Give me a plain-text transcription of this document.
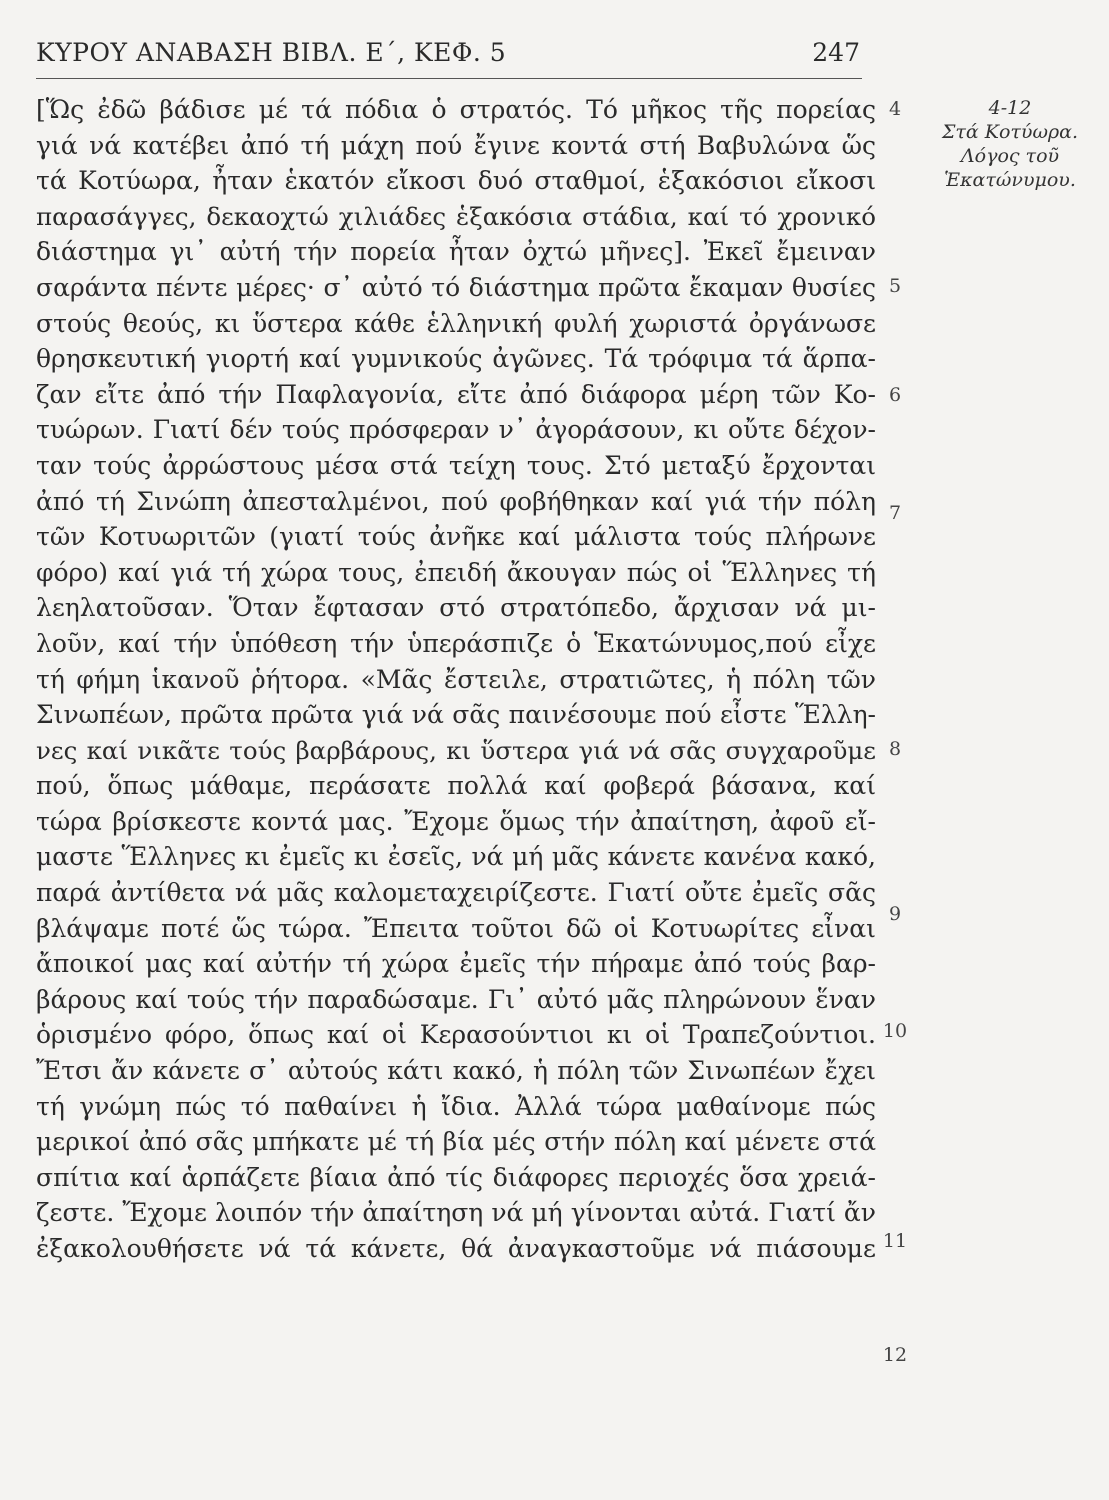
ΚΥΡΟΥ ΑΝΑΒΑΣΗ ΒΙΒΛ. Ε΄, ΚΕΦ. 5	247
[Ὥς ἐδῶ βάδισε μέ τά πόδια ὁ στρατός. Τό μῆκος τῆς πορείας
γιά νά κατέβει ἀπό τή μάχη πού ἔγινε κοντά στή Βαβυλώνα ὥς
τά Κοτύωρα, ἦταν ἑκατόν εἴκοσι δυό σταθμοί, ἑξακόσιοι εἴκοσι
παρασάγγες, δεκαοχτώ χιλιάδες ἑξακόσια στάδια, καί τό χρονικό
διάστημα γι᾽ αὐτή τήν πορεία ἦταν ὀχτώ μῆνες]. Ἐκεῖ ἔμειναν
σαράντα πέντε μέρες· σ᾽ αὐτό τό διάστημα πρῶτα ἔκαμαν θυσίες
στούς θεούς, κι ὕστερα κάθε ἑλληνική φυλή χωριστά ὀργάνωσε
θρησκευτική γιορτή καί γυμνικούς ἀγῶνες. Τά τρόφιμα τά ἅρπα-
ζαν εἴτε ἀπό τήν Παφλαγονία, εἴτε ἀπό διάφορα μέρη τῶν Κο-
τυώρων. Γιατί δέν τούς πρόσφεραν ν᾽ ἀγοράσουν, κι οὔτε δέχον-
ταν τούς ἀρρώστους μέσα στά τείχη τους. Στό μεταξύ ἔρχονται
ἀπό τή Σινώπη ἀπεσταλμένοι, πού φοβήθηκαν καί γιά τήν πόλη
τῶν Κοτυωριτῶν (γιατί τούς ἀνῆκε καί μάλιστα τούς πλήρωνε
φόρο) καί γιά τή χώρα τους, ἐπειδή ἄκουγαν πώς οἱ Ἕλληνες τή
λεηλατοῦσαν. Ὅταν ἔφτασαν στό στρατόπεδο, ἄρχισαν νά μι-
λοῦν, καί τήν ὑπόθεση τήν ὑπεράσπιζε ὁ Ἑκατώνυμος,πού εἶχε
τή φήμη ἱκανοῦ ῥήτορα. «Μᾶς ἔστειλε, στρατιῶτες, ἡ πόλη τῶν
Σινωπέων, πρῶτα πρῶτα γιά νά σᾶς παινέσουμε πού εἶστε Ἕλλη-
νες καί νικᾶτε τούς βαρβάρους, κι ὕστερα γιά νά σᾶς συγχαροῦμε
πού, ὅπως μάθαμε, περάσατε πολλά καί φοβερά βάσανα, καί
τώρα βρίσκεστε κοντά μας. Ἔχομε ὅμως τήν ἀπαίτηση, ἀφοῦ εἴ-
μαστε Ἕλληνες κι ἐμεῖς κι ἐσεῖς, νά μή μᾶς κάνετε κανένα κακό,
παρά ἀντίθετα νά μᾶς καλομεταχειρίζεστε. Γιατί οὔτε ἐμεῖς σᾶς
βλάψαμε ποτέ ὥς τώρα. Ἔπειτα τοῦτοι δῶ οἱ Κοτυωρίτες εἶναι
ἄποικοί μας καί αὐτήν τή χώρα ἐμεῖς τήν πήραμε ἀπό τούς βαρ-
βάρους καί τούς τήν παραδώσαμε. Γι᾽ αὐτό μᾶς πληρώνουν ἕναν
ὁρισμένο φόρο, ὅπως καί οἱ Κερασούντιοι κι οἱ Τραπεζούντιοι.
Ἔτσι ἄν κάνετε σ᾽ αὐτούς κάτι κακό, ἡ πόλη τῶν Σινωπέων ἔχει
τή γνώμη πώς τό παθαίνει ἡ ἴδια. Ἀλλά τώρα μαθαίνομε πώς
μερικοί ἀπό σᾶς μπήκατε μέ τή βία μές στήν πόλη καί μένετε στά
σπίτια καί ἁρπάζετε βίαια ἀπό τίς διάφορες περιοχές ὅσα χρειά-
ζεστε. Ἔχομε λοιπόν τήν ἀπαίτηση νά μή γίνονται αὐτά. Γιατί ἄν
ἐξακολουθήσετε νά τά κάνετε, θά ἀναγκαστοῦμε νά πιάσουμε
4
5
6
7
8
9
10
11
12
4-12
Στά Κοτύωρα.
Λόγος τοῦ
Ἑκατώνυμου.
